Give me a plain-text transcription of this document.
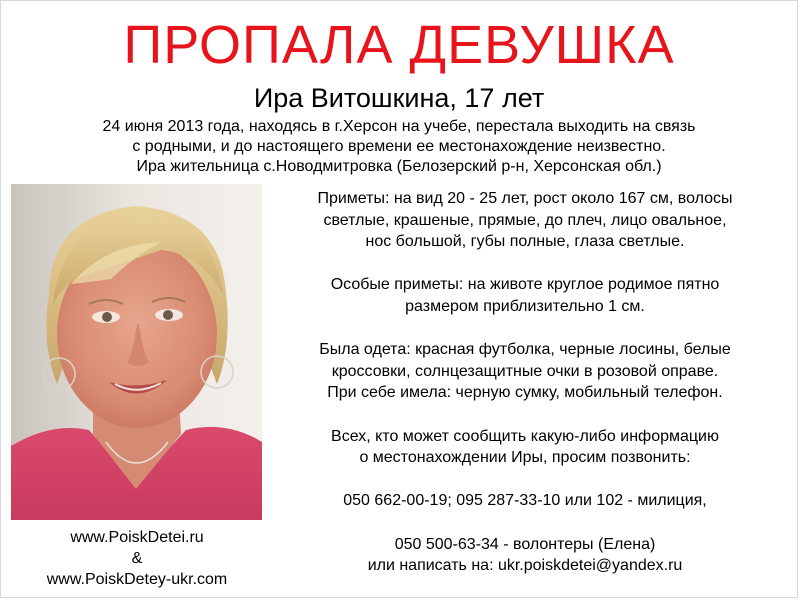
ПРОПАЛА ДЕВУШКА
Ира Витошкина, 17 лет
24 июня 2013 года, находясь в г.Херсон на учебе, перестала выходить на связь
с родными, и до настоящего времени ее местонахождение неизвестно.
Ира жительница с.Новодмитровка (Белозерский р-н, Херсонская обл.)
www.PoiskDetei.ru
&
www.PoiskDetey-ukr.com
Приметы: на вид 20 - 25 лет, рост около 167 см, волосы
светлые, крашеные, прямые, до плеч, лицо овальное,
нос большой, губы полные, глаза светлые.
Особые приметы: на животе круглое родимое пятно
размером приблизительно 1 см.
Была одета: красная футболка, черные лосины, белые
кроссовки, солнцезащитные очки в розовой оправе.
При себе имела: черную сумку, мобильный телефон.
Всех, кто может сообщить какую-либо информацию
о местонахождении Иры, просим позвонить:
050 662-00-19; 095 287-33-10 или 102 - милиция,
050 500-63-34 - волонтеры (Елена)
или написать на: ukr.poiskdetei@yandex.ru
